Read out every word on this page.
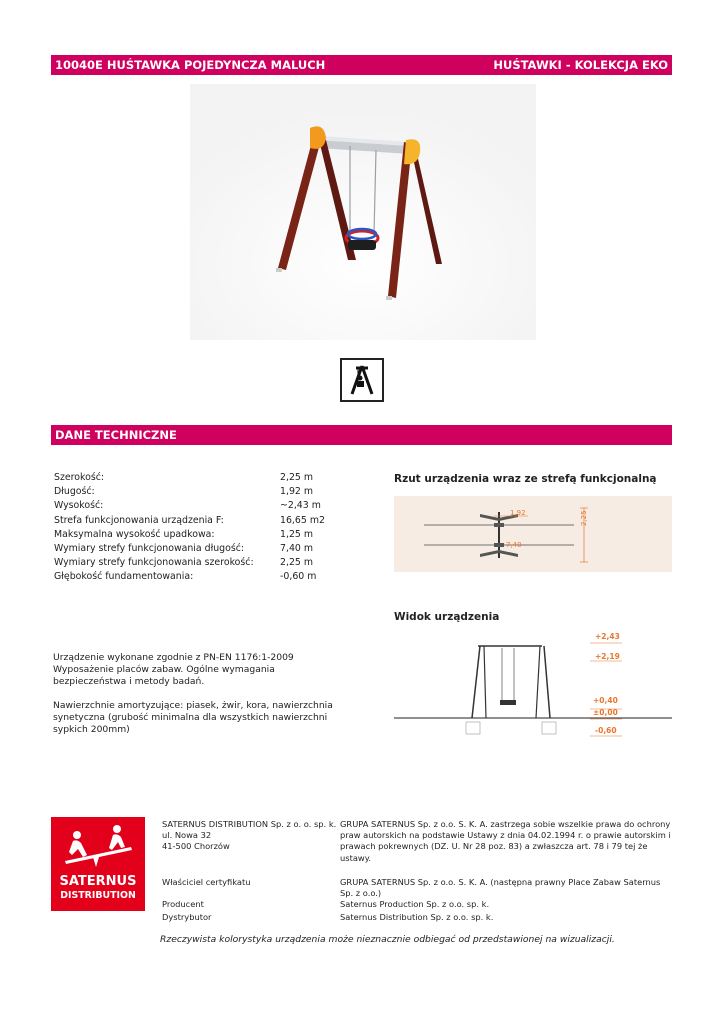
10040E HUŚTAWKA POJEDYNCZA MALUCH	HUŚTAWKI - KOLEKCJA EKO
DANE TECHNICZNE
Szerokość:	2,25 m
Długość:	1,92 m
Wysokość:	~2,43 m
Strefa funkcjonowania urządzenia F:	16,65 m2
Maksymalna wysokość upadkowa:	1,25 m
Wymiary strefy funkcjonowania długość:	7,40 m
Wymiary strefy funkcjonowania szerokość:	2,25 m
Głębokość fundamentowania:	-0,60 m
Urządzenie wykonane zgodnie z PN-EN 1176:1-2009 Wyposażenie placów zabaw. Ogólne wymagania bezpieczeństwa i metody badań.
Nawierzchnie amortyzujące: piasek, żwir, kora, nawierzchnia synetyczna (grubość minimalna dla wszystkich nawierzchni sypkich 200mm)
Rzut urządzenia wraz ze strefą funkcjonalną
1,92
7,40
2,25
Widok urządzenia
+2,43
+2,19
+0,40
±0,00
-0,60
SATERNUS
DISTRIBUTION
SATERNUS DISTRIBUTION Sp. z o. o. sp. k.
ul. Nowa 32
41-500 Chorzów
GRUPA SATERNUS Sp. z o.o. S. K. A. zastrzega sobie wszelkie prawa do ochrony praw autorskich na podstawie Ustawy z dnia 04.02.1994 r. o prawie autorskim i prawach pokrewnych (DZ. U. Nr 28 poz. 83) a zwłaszcza art. 78 i 79 tej że ustawy.
Właściciel certyfikatu	GRUPA SATERNUS Sp. z o.o. S. K. A. (następna prawny Place Zabaw Saternus Sp. z o.o.)
Producent	Saternus Production Sp. z o.o. sp. k.
Dystrybutor	Saternus Distribution Sp. z o.o. sp. k.
Rzeczywista kolorystyka urządzenia może nieznacznie odbiegać od przedstawionej na wizualizacji.
